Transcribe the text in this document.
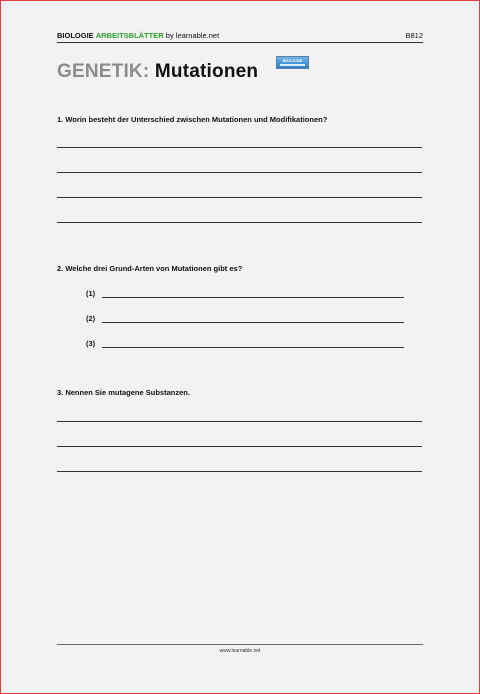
BIOLOGIE ARBEITSBLÄTTER by learnable.net	B812
GENETIK: Mutationen
BIOLOGIE
1. Worin besteht der Unterschied zwischen Mutationen und Modifikationen?
2. Welche drei Grund-Arten von Mutationen gibt es?
(1)
(2)
(3)
3. Nennen Sie mutagene Substanzen.
www.learnable.net
